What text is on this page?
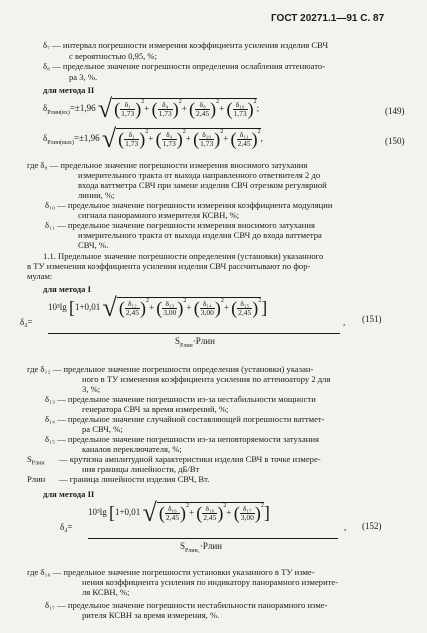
ГОСТ 20271.1—91 С. 87
δ₇ — интервал погрешности измерения коэффициента усиления изделия СВЧ
с вероятностью 0,95, %;
δ₈ — предельное значение погрешности определения ослабления аттенюато-
ра 3, %.
для метода II
$\delta_{Pлин(вх)}=\pm 1,96$ √ ( $\frac{\text{δ₁}}{1,73} )^2+$ ( $\frac{\text{δ₄}}{1,73} )^2+$ ( $\frac{\text{δ₉}}{2,45} )^2+$ ( $\frac{\text{δ₁₀}}{1,73} )^2$;	(149)
$\delta_{Pлин(вых)}=\pm 1,96$ √ ( $\frac{\text{δ₁}}{1,73} )^2+$ ( $\frac{\text{δ₄}}{1,73} )^2+$ ( $\frac{\text{δ₁₀}}{1,73} )^2+$ ( $\frac{\text{δ₁₁}}{2,45} )^2$,	(150)
где δ₉ — предельное значение погрешности измерения вносимого затухания
измерительного тракта от выхода направленного ответвителя 2 до
входа ваттметра СВЧ при замене изделия СВЧ отрезком регулярной
линии, %;
δ₁₀ — предельное значение погрешности измерения коэффициента модуляции
сигнала панорамного измерителя КСВН, %;
δ₁₁ — предельное значение погрешности измерения вносимого затухания
измерительного тракта от выхода изделия СВЧ до входа ваттметра
СВЧ, %.
1.1. Предельное значение погрешности определения (установки) указанного
в ТУ изменения коэффициента усиления изделия СВЧ рассчитывают по фор-
мулам:
для метода I
δ₄=
10³lg [1+0,01 √ ( $\frac{\text{δ₁₂}}{2,45} )^2+$ ( $\frac{\text{δ₁₃}}{3,00} )^2+$ ( $\frac{\text{δ₁₄}}{3,00} )^2+$ ( $\frac{\text{δ₁₅}}{2,45} )^2$]
$S_{Pлин}\cdot Pлин$
, (151)
где δ₁₂ — предельное значение погрешности определения (установки) указан-
ного в ТУ изменения коэффициента усиления по аттенюатору 2 для
3, %;
δ₁₃ — предельное значение погрешности из-за нестабильности мощности
генератора СВЧ за время измерений, %;
δ₁₄ — предельное значение случайной составляющей погрешности ваттмет-
ра СВЧ, %;
δ₁₅ — предельное значение погрешности из-за неповторяемости затухания
каналов переключателя, %;
$S_{Pлин}$ — крутизна амплитудной характеристики изделия СВЧ в точке измере-
ния границы линейности, дБ/Вт
Pлин — граница линейности изделия СВЧ, Вт.
для метода II
δ₄=
10³lg [1+0,01 √ ( $\frac{\text{δ₁₆}}{2,45} )^2+$ ( $\frac{\text{δ₁₆}}{2,45} )^2+$ ( $\frac{\text{δ₁₇}}{3,00} )^2$]
$S_{Pлин_1}\cdot Pлин$
, (152)
где δ₁₆ — предельное значение погрешности установки указанного в ТУ изме-
нения коэффициента усиления по индикатору панорамного измерите-
ля КСВН, %;
δ₁₇ — предельное значение погрешности нестабильности панорамного изме-
рителя КСВН за время измерения, %.
